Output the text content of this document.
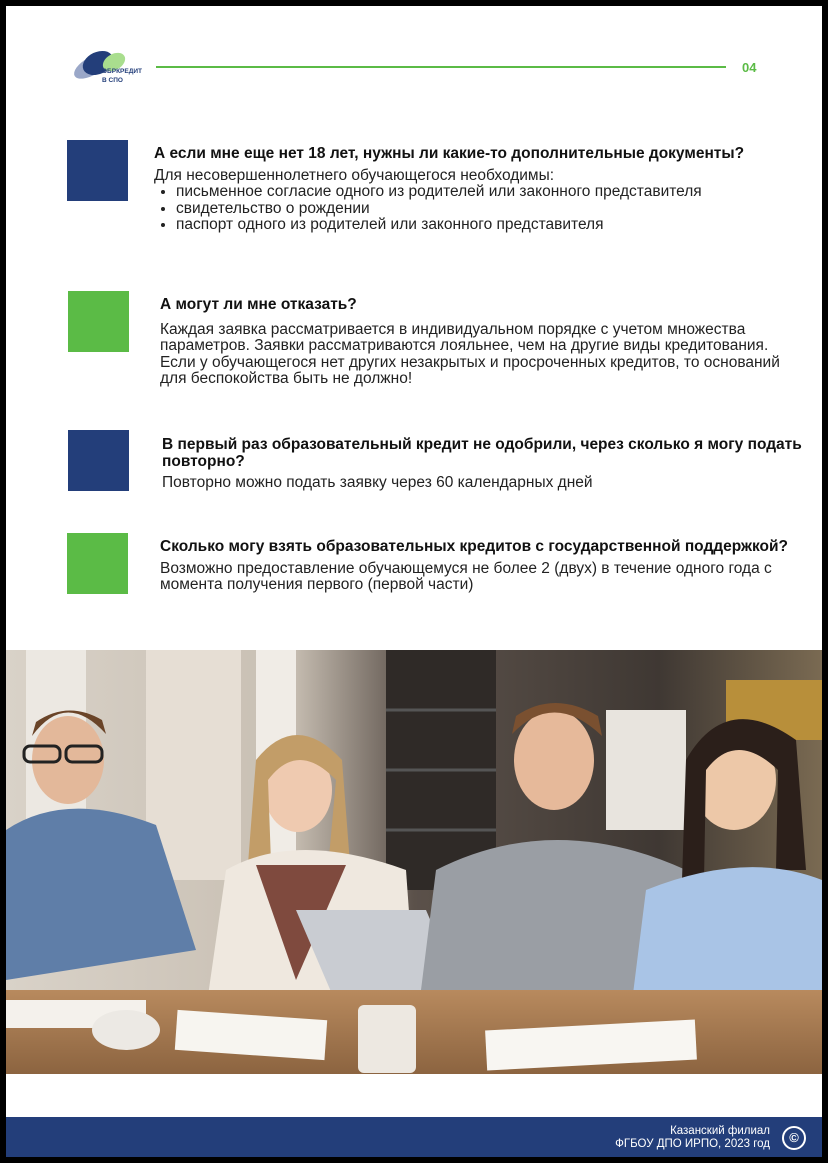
ОБРКРЕДИТ
В СПО
04

А если мне еще нет 18 лет, нужны ли какие-то дополнительные документы?

Для несовершеннолетнего обучающегося необходимы:
• письменное согласие одного из родителей или законного представителя
• свидетельство о рождении
• паспорт одного из родителей или законного представителя

А могут ли мне отказать?

Каждая заявка рассматривается в индивидуальном порядке с учетом множества параметров. Заявки рассматриваются лояльнее, чем на другие виды кредитования. Если у обучающегося нет других незакрытых и просроченных кредитов, то оснований для беспокойства быть не должно!

В первый раз образовательный кредит не одобрили, через сколько я могу подать повторно?

Повторно можно подать заявку через 60 календарных дней

Сколько могу взять образовательных кредитов с государственной поддержкой?

Возможно предоставление обучающемуся не более 2 (двух) в течение одного года с момента получения первого (первой части)

Казанский филиал
ФГБОУ ДПО ИРПО, 2023 год	©
